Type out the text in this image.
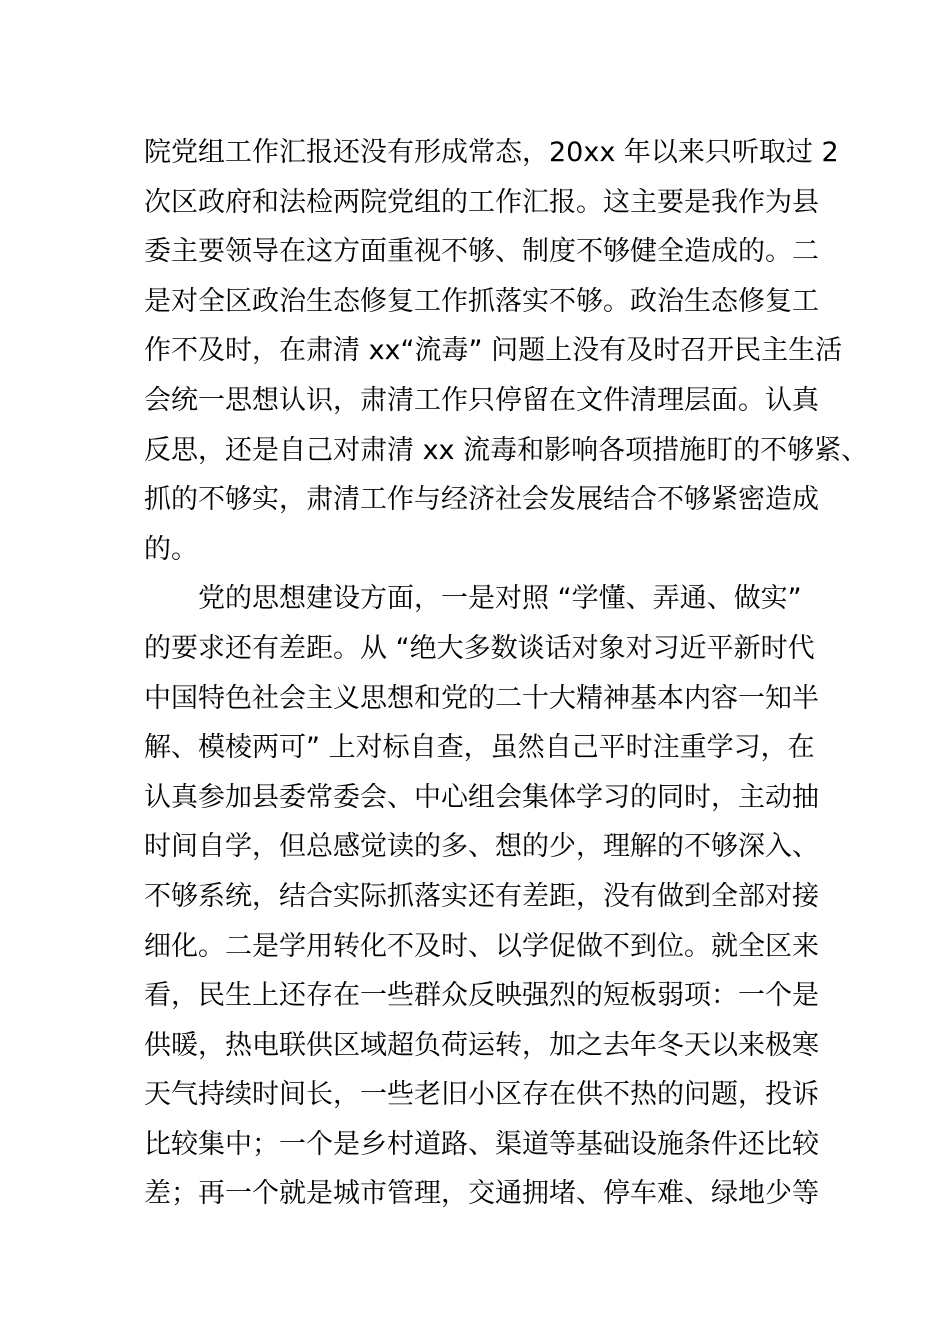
院党组工作汇报还没有形成常态，20xx 年以来只听取过 2
次区政府和法检两院党组的工作汇报。这主要是我作为县
委主要领导在这方面重视不够、制度不够健全造成的。二
是对全区政治生态修复工作抓落实不够。政治生态修复工
作不及时，在肃清 xx“流毒” 问题上没有及时召开民主生活
会统一思想认识，肃清工作只停留在文件清理层面。认真
反思，还是自己对肃清 xx 流毒和影响各项措施盯的不够紧、
抓的不够实，肃清工作与经济社会发展结合不够紧密造成
的。
党的思想建设方面，一是对照 “学懂、弄通、做实”
的要求还有差距。从 “绝大多数谈话对象对习近平新时代
中国特色社会主义思想和党的二十大精神基本内容一知半
解、模棱两可” 上对标自查，虽然自己平时注重学习，在
认真参加县委常委会、中心组会集体学习的同时，主动抽
时间自学，但总感觉读的多、想的少，理解的不够深入、
不够系统，结合实际抓落实还有差距，没有做到全部对接
细化。二是学用转化不及时、以学促做不到位。就全区来
看，民生上还存在一些群众反映强烈的短板弱项：一个是
供暖，热电联供区域超负荷运转，加之去年冬天以来极寒
天气持续时间长，一些老旧小区存在供不热的问题，投诉
比较集中；一个是乡村道路、渠道等基础设施条件还比较
差；再一个就是城市管理，交通拥堵、停车难、绿地少等
